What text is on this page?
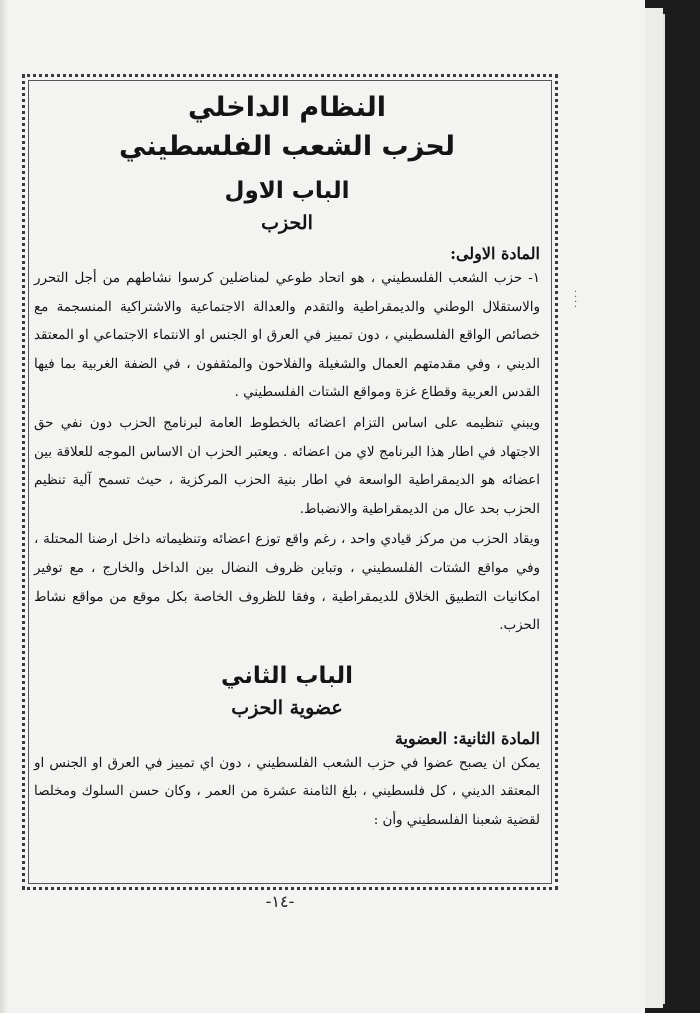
النظام الداخلي
لحزب الشعب الفلسطيني
الباب الاول
الحزب
المادة الاولى:

١- حزب الشعب الفلسطيني ، هو اتحاد طوعي لمناضلين كرسوا نشاطهم من أجل التحرر والاستقلال الوطني والديمقراطية والتقدم والعدالة الاجتماعية والاشتراكية المنسجمة مع خصائص الواقع الفلسطيني ، دون تمييز في العرق او الجنس او الانتماء الاجتماعي او المعتقد الديني ، وفي مقدمتهم العمال والشغيلة والفلاحون والمثقفون ، في الضفة الغربية بما فيها القدس العربية وقطاع غزة ومواقع الشتات الفلسطيني .

ويبني تنظيمه على اساس التزام اعضائه بالخطوط العامة لبرنامج الحزب دون نفي حق الاجتهاد في اطار هذا البرنامج لاي من اعضائه . ويعتبر الحزب ان الاساس الموجه للعلاقة بين اعضائه هو الديمقراطية الواسعة في اطار بنية الحزب المركزية ، حيث تسمح آلية تنظيم الحزب بحد عال من الديمقراطية والانضباط.

ويقاد الحزب من مركز قيادي واحد ، رغم واقع توزع اعضائه وتنظيماته داخل ارضنا المحتلة ، وفي مواقع الشتات الفلسطيني ، وتباين ظروف النضال بين الداخل والخارج ، مع توفير امكانيات التطبيق الخلاق للديمقراطية ، وفقا للظروف الخاصة بكل موقع من مواقع نشاط الحزب.

الباب الثاني
عضوية الحزب
المادة الثانية: العضوية

يمكن ان يصبح عضوا في حزب الشعب الفلسطيني ، دون اي تمييز في العرق او الجنس او المعتقد الديني ، كل فلسطيني ، بلغ الثامنة عشرة من العمر ، وكان حسن السلوك ومخلصا لقضية شعبنا الفلسطيني وأن :

· · · ·
-١٤-
